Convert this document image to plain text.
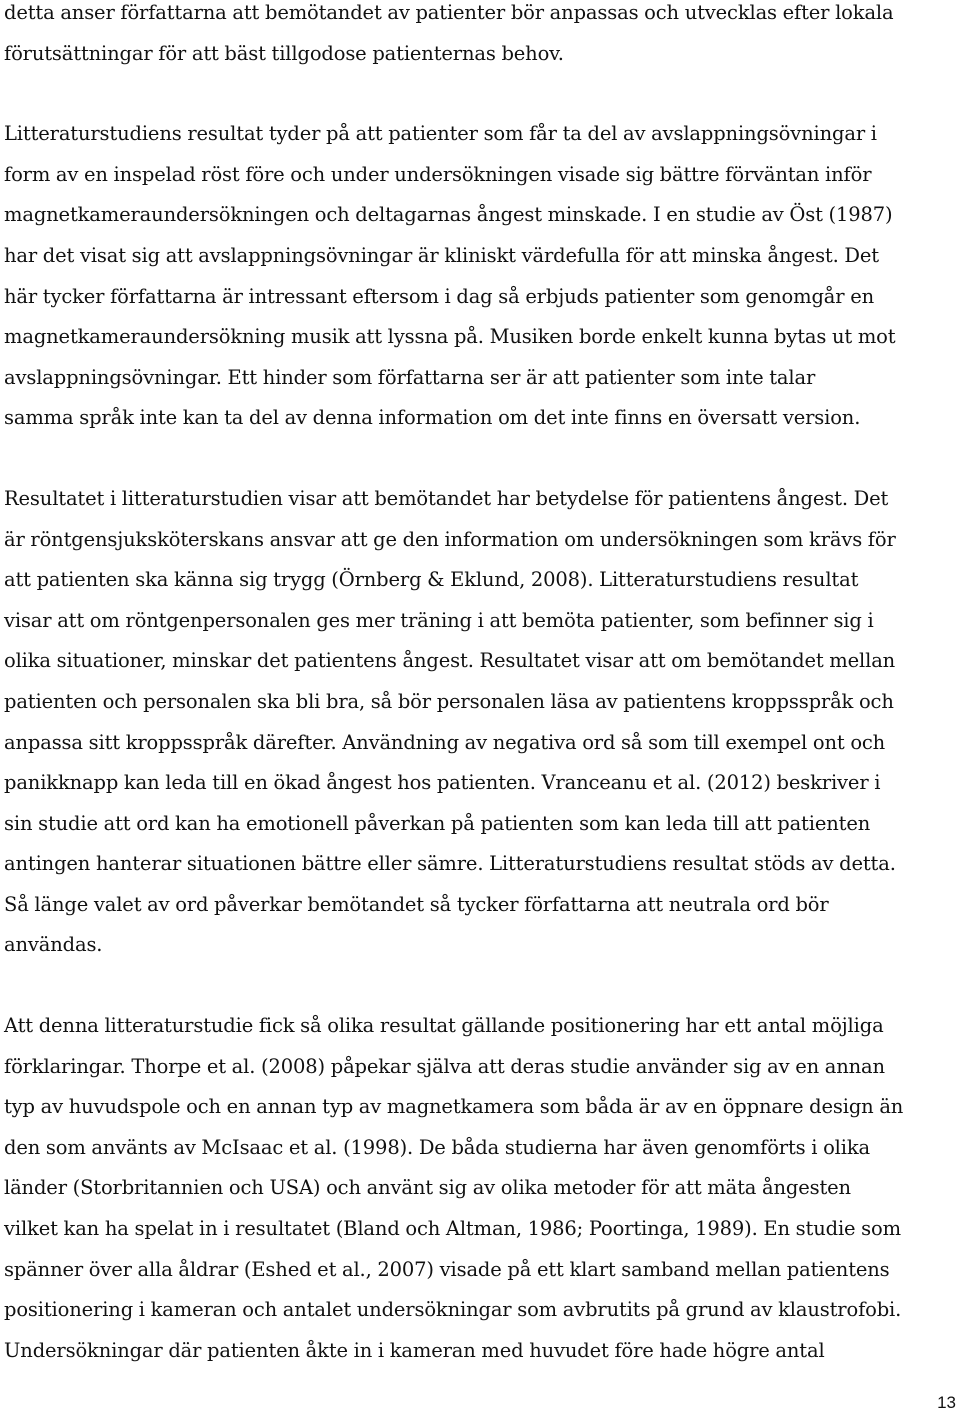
detta anser författarna att bemötandet av patienter bör anpassas och utvecklas efter lokala
förutsättningar för att bäst tillgodose patienternas behov.

Litteraturstudiens resultat tyder på att patienter som får ta del av avslappningsövningar i
form av en inspelad röst före och under undersökningen visade sig bättre förväntan inför
magnetkameraundersökningen och deltagarnas ångest minskade. I en studie av Öst (1987)
har det visat sig att avslappningsövningar är kliniskt värdefulla för att minska ångest. Det
här tycker författarna är intressant eftersom i dag så erbjuds patienter som genomgår en
magnetkameraundersökning musik att lyssna på. Musiken borde enkelt kunna bytas ut mot
avslappningsövningar. Ett hinder som författarna ser är att patienter som inte talar
samma språk inte kan ta del av denna information om det inte finns en översatt version.

Resultatet i litteraturstudien visar att bemötandet har betydelse för patientens ångest. Det
är röntgensjuksköterskans ansvar att ge den information om undersökningen som krävs för
att patienten ska känna sig trygg (Örnberg & Eklund, 2008). Litteraturstudiens resultat
visar att om röntgenpersonalen ges mer träning i att bemöta patienter, som befinner sig i
olika situationer, minskar det patientens ångest. Resultatet visar att om bemötandet mellan
patienten och personalen ska bli bra, så bör personalen läsa av patientens kroppsspråk och
anpassa sitt kroppsspråk därefter. Användning av negativa ord så som till exempel ont och
panikknapp kan leda till en ökad ångest hos patienten. Vranceanu et al. (2012) beskriver i
sin studie att ord kan ha emotionell påverkan på patienten som kan leda till att patienten
antingen hanterar situationen bättre eller sämre. Litteraturstudiens resultat stöds av detta.
Så länge valet av ord påverkar bemötandet så tycker författarna att neutrala ord bör
användas.

Att denna litteraturstudie fick så olika resultat gällande positionering har ett antal möjliga
förklaringar. Thorpe et al. (2008) påpekar själva att deras studie använder sig av en annan
typ av huvudspole och en annan typ av magnetkamera som båda är av en öppnare design än
den som använts av McIsaac et al. (1998). De båda studierna har även genomförts i olika
länder (Storbritannien och USA) och använt sig av olika metoder för att mäta ångesten
vilket kan ha spelat in i resultatet (Bland och Altman, 1986; Poortinga, 1989). En studie som
spänner över alla åldrar (Eshed et al., 2007) visade på ett klart samband mellan patientens
positionering i kameran och antalet undersökningar som avbrutits på grund av klaustrofobi.
Undersökningar där patienten åkte in i kameran med huvudet före hade högre antal

13
